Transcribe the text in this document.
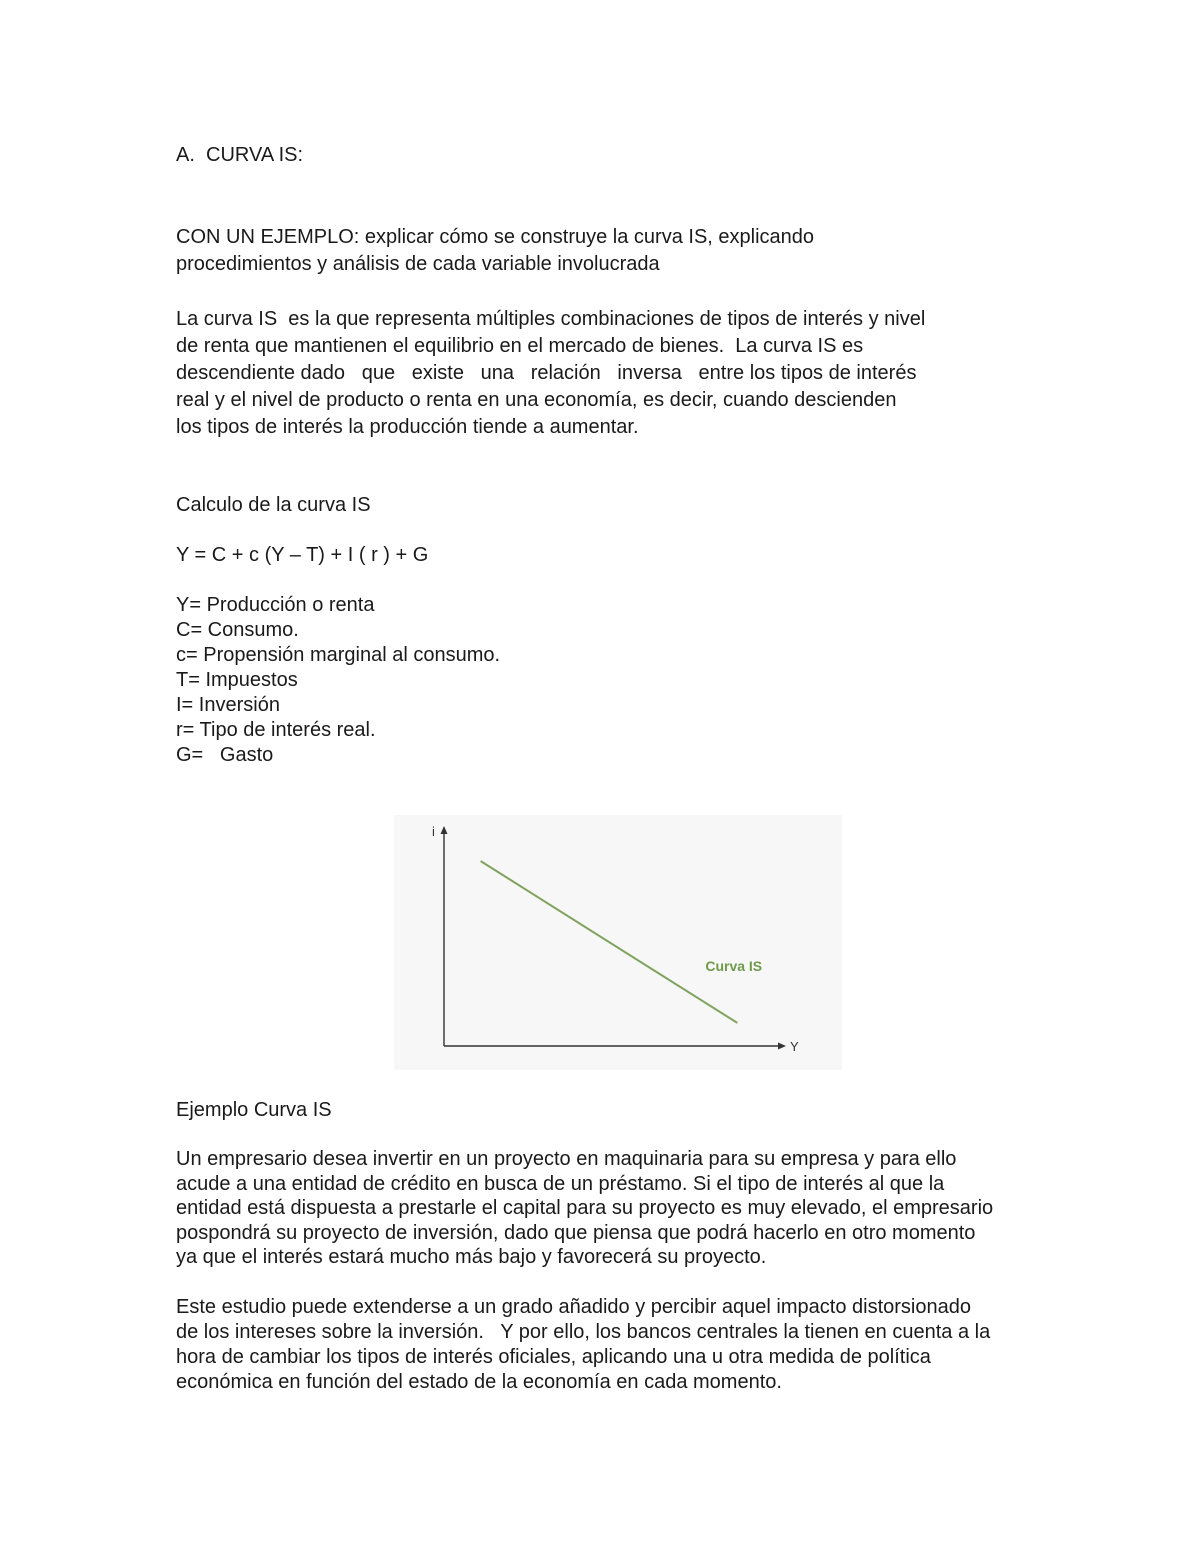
A.  CURVA IS:
CON UN EJEMPLO: explicar cómo se construye la curva IS, explicando
procedimientos y análisis de cada variable involucrada
La curva IS  es la que representa múltiples combinaciones de tipos de interés y nivel
de renta que mantienen el equilibrio en el mercado de bienes.  La curva IS es
descendiente dado   que   existe   una   relación   inversa   entre los tipos de interés
real y el nivel de producto o renta en una economía, es decir, cuando descienden
los tipos de interés la producción tiende a aumentar.
Calculo de la curva IS
Y = C + c (Y – T) + I ( r ) + G
Y= Producción o renta
C= Consumo.
c= Propensión marginal al consumo.
T= Impuestos
I= Inversión
r= Tipo de interés real.
G=   Gasto
i
Y
Curva IS
Ejemplo Curva IS
Un empresario desea invertir en un proyecto en maquinaria para su empresa y para ello
acude a una entidad de crédito en busca de un préstamo. Si el tipo de interés al que la
entidad está dispuesta a prestarle el capital para su proyecto es muy elevado, el empresario
pospondrá su proyecto de inversión, dado que piensa que podrá hacerlo en otro momento
ya que el interés estará mucho más bajo y favorecerá su proyecto.
Este estudio puede extenderse a un grado añadido y percibir aquel impacto distorsionado
de los intereses sobre la inversión.   Y por ello, los bancos centrales la tienen en cuenta a la
hora de cambiar los tipos de interés oficiales, aplicando una u otra medida de política
económica en función del estado de la economía en cada momento.
